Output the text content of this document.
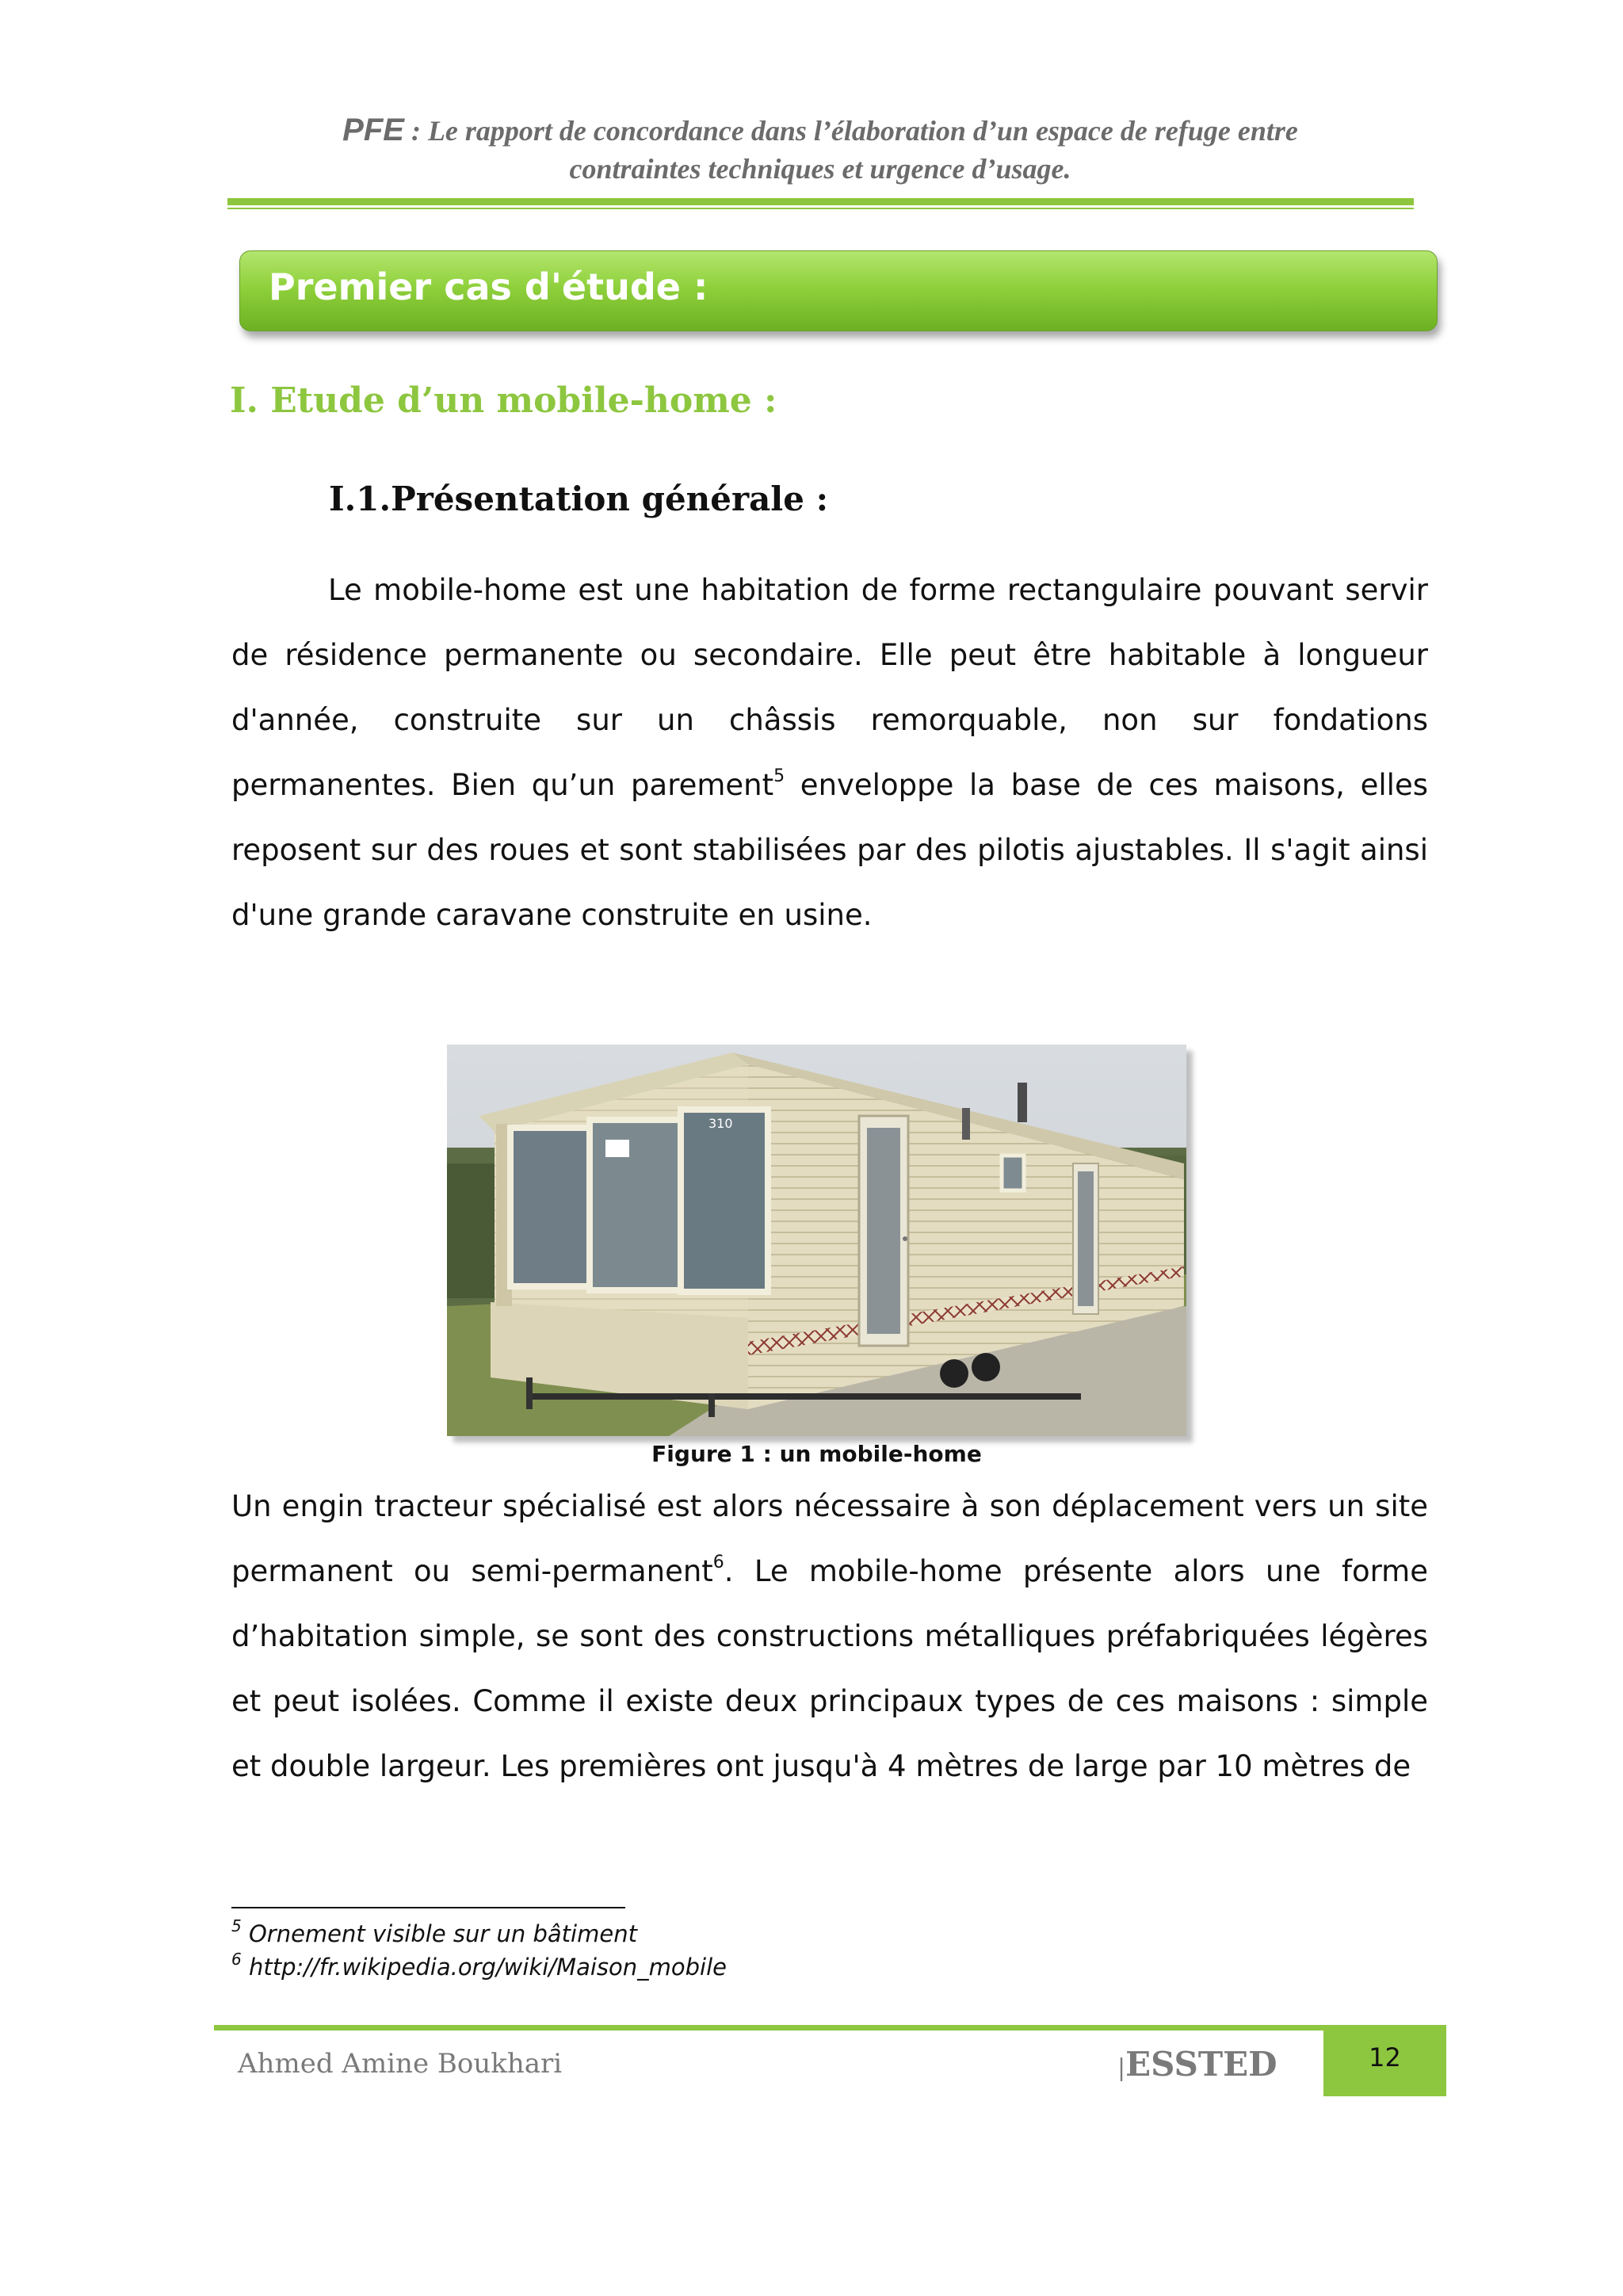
PFE : Le rapport de concordance dans l’élaboration d’un espace de refuge entre
contraintes techniques et urgence d’usage.
Premier cas d'étude :
I. Etude d’un mobile-home :
I.1.Présentation générale :

Le mobile-home est une habitation de forme rectangulaire pouvant servir de résidence permanente ou secondaire. Elle peut être habitable à longueur d'année, construite sur un châssis remorquable, non sur fondations permanentes. Bien qu’un parement$^5$ enveloppe la base de ces maisons, elles reposent sur des roues et sont stabilisées par des pilotis ajustables. Il s'agit ainsi d'une grande caravane construite en usine.

310
Figure 1 : un mobile-home

Un engin tracteur spécialisé est alors nécessaire à son déplacement vers un site permanent ou semi-permanent$^6$. Le mobile-home présente alors une forme d’habitation simple, se sont des constructions métalliques préfabriquées légères et peut isolées. Comme il existe deux principaux types de ces maisons : simple et double largeur. Les premières ont jusqu'à 4 mètres de large par 10 mètres de

$^5$ Ornement visible sur un bâtiment
$^6$ http://fr.wikipedia.org/wiki/Maison_mobile
Ahmed Amine Boukhari	|ESSTED	12
